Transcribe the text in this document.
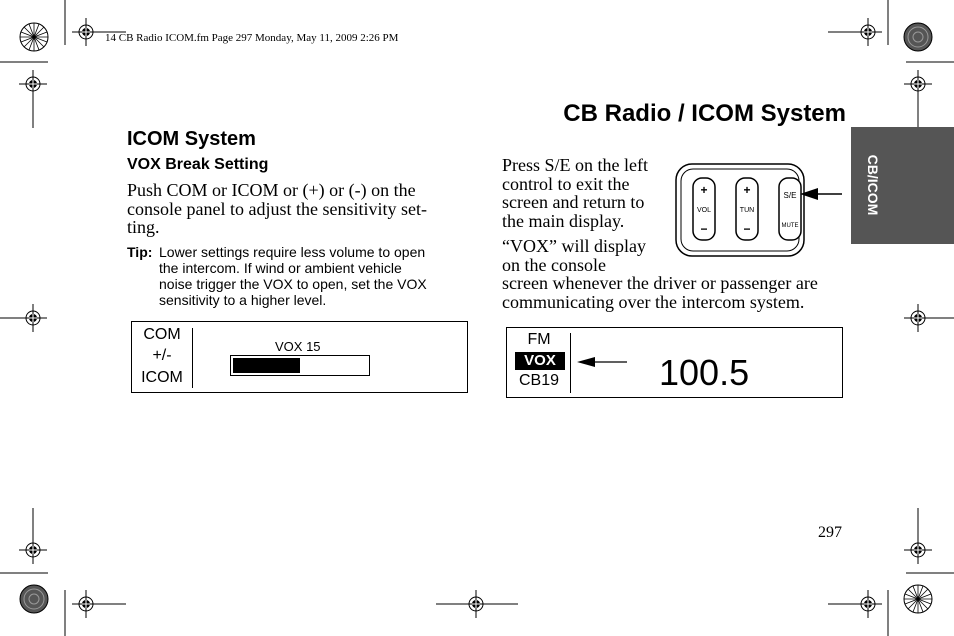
14 CB Radio ICOM.fm Page 297 Monday, May 11, 2009 2:26 PM
CB Radio / ICOM System
CB/ICOM
ICOM System
VOX Break Setting
Push COM or ICOM or (+) or (-) on the
console panel to adjust the sensitivity set-
ting.
Tip: Lower settings require less volume to open
the intercom. If wind or ambient vehicle
noise trigger the VOX to open, set the VOX
sensitivity to a higher level.
COM
+/-
ICOM
VOX 15
Press S/E on the left
control to exit the
screen and return to
the main display.
“VOX” will display
on the console
screen whenever the driver or passenger are
communicating over the intercom system.
+
VOL
−
+
TUN
−
S/E
MUTE
FM
VOX
CB19	100.5
297
